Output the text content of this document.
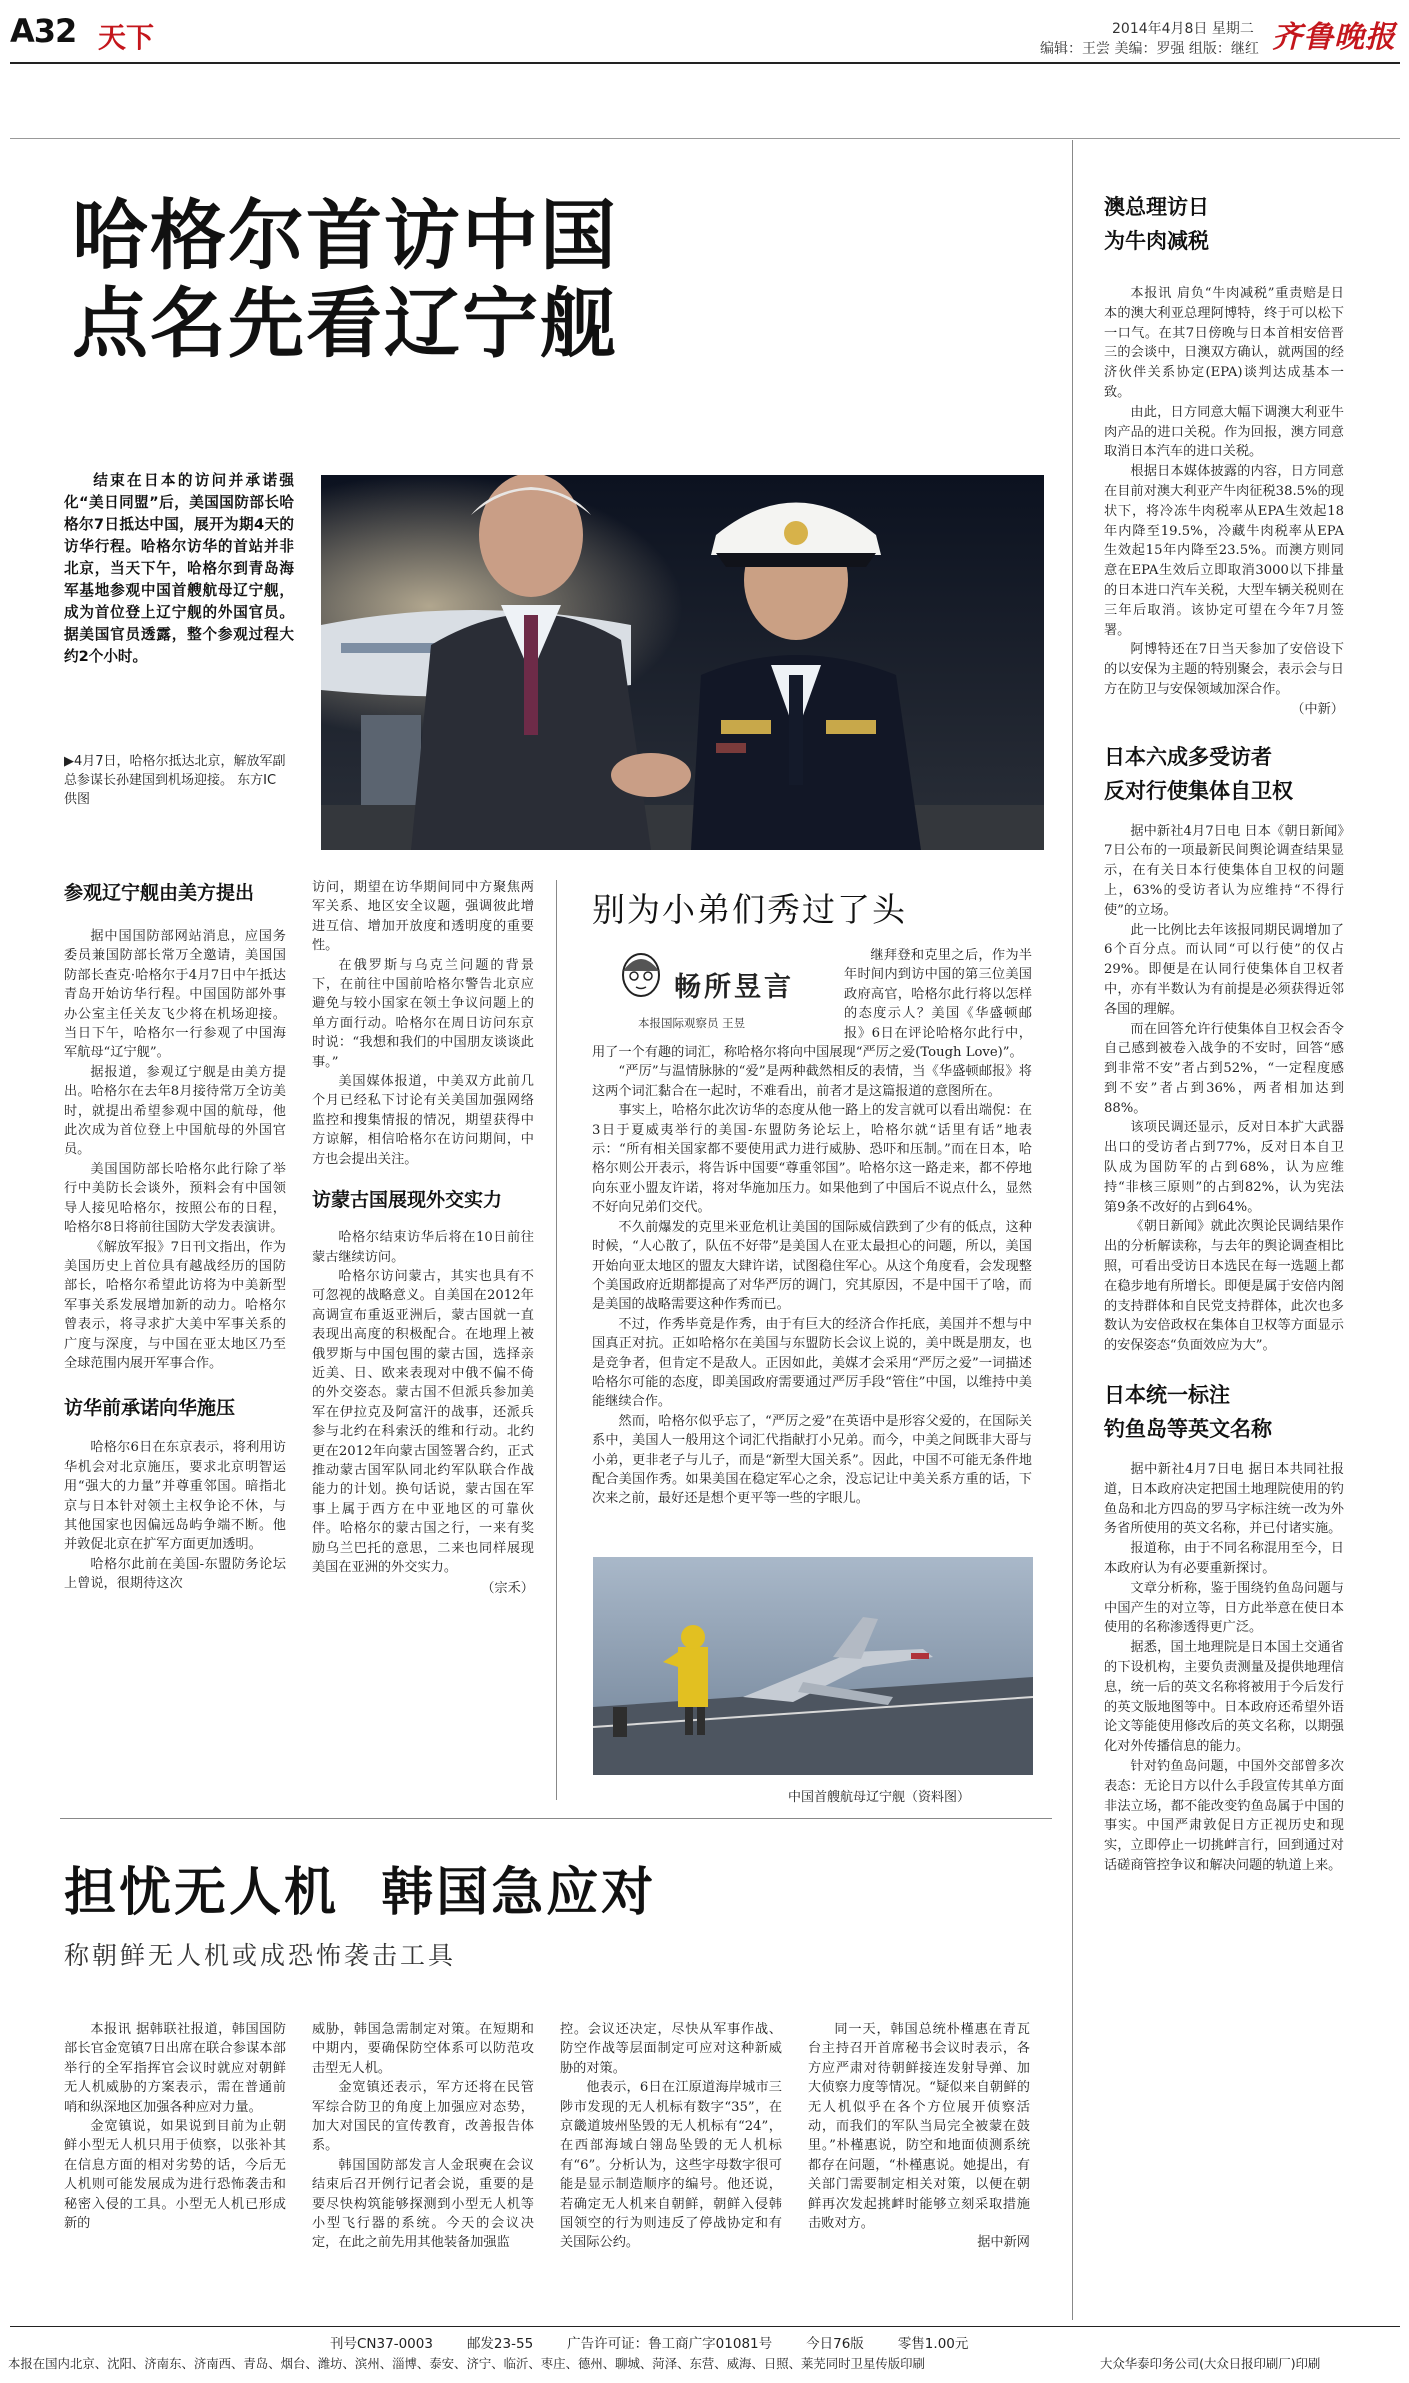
A32 天下	2014年4月8日 星期二
编辑：王尝 美编：罗强 组版：继红 齐鲁晚报
哈格尔首访中国
点名先看辽宁舰
结束在日本的访问并承诺强化“美日同盟”后，美国国防部长哈格尔7日抵达中国，展开为期4天的访华行程。哈格尔访华的首站并非北京，当天下午，哈格尔到青岛海军基地参观中国首艘航母辽宁舰，成为首位登上辽宁舰的外国官员。据美国官员透露，整个参观过程大约2个小时。
▶4月7日，哈格尔抵达北京，解放军副总参谋长孙建国到机场迎接。 东方IC供图
参观辽宁舰由美方提出

据中国国防部网站消息，应国务委员兼国防部长常万全邀请，美国国防部长查克·哈格尔于4月7日中午抵达青岛开始访华行程。中国国防部外事办公室主任关友飞少将在机场迎接。当日下午，哈格尔一行参观了中国海军航母“辽宁舰”。

据报道，参观辽宁舰是由美方提出。哈格尔在去年8月接待常万全访美时，就提出希望参观中国的航母，他此次成为首位登上中国航母的外国官员。

美国国防部长哈格尔此行除了举行中美防长会谈外，预料会有中国领导人接见哈格尔，按照公布的日程，哈格尔8日将前往国防大学发表演讲。

《解放军报》7日刊文指出，作为美国历史上首位具有越战经历的国防部长，哈格尔希望此访将为中美新型军事关系发展增加新的动力。哈格尔曾表示，将寻求扩大美中军事关系的广度与深度，与中国在亚太地区乃至全球范围内展开军事合作。

访华前承诺向华施压

哈格尔6日在东京表示，将利用访华机会对北京施压，要求北京明智运用“强大的力量”并尊重邻国。暗指北京与日本针对领土主权争论不休，与其他国家也因偏远岛屿争端不断。他并敦促北京在扩军方面更加透明。

哈格尔此前在美国-东盟防务论坛上曾说，很期待这次

访问，期望在访华期间同中方聚焦两军关系、地区安全议题，强调彼此增进互信、增加开放度和透明度的重要性。

在俄罗斯与乌克兰问题的背景下，在前往中国前哈格尔警告北京应避免与较小国家在领土争议问题上的单方面行动。哈格尔在周日访问东京时说：“我想和我们的中国朋友谈谈此事。”

美国媒体报道，中美双方此前几个月已经私下讨论有关美国加强网络监控和搜集情报的情况，期望获得中方谅解，相信哈格尔在访问期间，中方也会提出关注。

访蒙古国展现外交实力

哈格尔结束访华后将在10日前往蒙古继续访问。

哈格尔访问蒙古，其实也具有不可忽视的战略意义。自美国在2012年高调宣布重返亚洲后，蒙古国就一直表现出高度的积极配合。在地理上被俄罗斯与中国包围的蒙古国，选择亲近美、日、欧来表现对中俄不偏不倚的外交姿态。蒙古国不但派兵参加美军在伊拉克及阿富汗的战事，还派兵参与北约在科索沃的维和行动。北约更在2012年向蒙古国签署合约，正式推动蒙古国军队同北约军队联合作战能力的计划。换句话说，蒙古国在军事上属于西方在中亚地区的可靠伙伴。哈格尔的蒙古国之行，一来有奖励乌兰巴托的意思，二来也同样展现美国在亚洲的外交实力。

（宗禾）
别为小弟们秀过了头
畅所昱言
本报国际观察员 王昱

继拜登和克里之后，作为半年时间内到访中国的第三位美国政府高官，哈格尔此行将以怎样的态度示人？美国《华盛顿邮报》6日在评论哈格尔此行中，用了一个有趣的词汇，称哈格尔将向中国展现“严厉之爱(Tough Love)”。

“严厉”与温情脉脉的“爱”是两种截然相反的表情，当《华盛顿邮报》将这两个词汇黏合在一起时，不难看出，前者才是这篇报道的意图所在。

事实上，哈格尔此次访华的态度从他一路上的发言就可以看出端倪：在3日于夏威夷举行的美国-东盟防务论坛上，哈格尔就“话里有话”地表示：“所有相关国家都不要使用武力进行威胁、恐吓和压制。”而在日本，哈格尔则公开表示，将告诉中国要“尊重邻国”。哈格尔这一路走来，都不停地向东亚小盟友许诺，将对华施加压力。如果他到了中国后不说点什么，显然不好向兄弟们交代。

不久前爆发的克里米亚危机让美国的国际威信跌到了少有的低点，这种时候，“人心散了，队伍不好带”是美国人在亚太最担心的问题，所以，美国开始向亚太地区的盟友大肆许诺，试图稳住军心。从这个角度看，会发现整个美国政府近期都提高了对华严厉的调门，究其原因，不是中国干了啥，而是美国的战略需要这种作秀而已。

不过，作秀毕竟是作秀，由于有巨大的经济合作托底，美国并不想与中国真正对抗。正如哈格尔在美国与东盟防长会议上说的，美中既是朋友，也是竞争者，但肯定不是敌人。正因如此，美媒才会采用“严厉之爱”一词描述哈格尔可能的态度，即美国政府需要通过严厉手段“管住”中国，以维持中美能继续合作。

然而，哈格尔似乎忘了，“严厉之爱”在英语中是形容父爱的，在国际关系中，美国人一般用这个词汇代指献打小兄弟。而今，中美之间既非大哥与小弟，更非老子与儿子，而是“新型大国关系”。因此，中国不可能无条件地配合美国作秀。如果美国在稳定军心之余，没忘记让中美关系方重的话，下次来之前，最好还是想个更平等一些的字眼儿。

中国首艘航母辽宁舰（资料图）
担忧无人机  韩国急应对
称朝鲜无人机或成恐怖袭击工具

本报讯 据韩联社报道，韩国国防部长官金宽镇7日出席在联合参谋本部举行的全军指挥官会议时就应对朝鲜无人机威胁的方案表示，需在普通前哨和纵深地区加强各种应对力量。

金宽镇说，如果说到目前为止朝鲜小型无人机只用于侦察，以张补其在信息方面的相对劣势的话，今后无人机则可能发展成为进行恐怖袭击和秘密入侵的工具。小型无人机已形成新的

威胁，韩国急需制定对策。在短期和中期内，要确保防空体系可以防范攻击型无人机。

金宽镇还表示，军方还将在民管军综合防卫的角度上加强应对态势，加大对国民的宣传教育，改善报告体系。

韩国国防部发言人金珉奭在会议结束后召开例行记者会说，重要的是要尽快构筑能够探测到小型无人机等小型飞行器的系统。今天的会议决定，在此之前先用其他装备加强监

控。会议还决定，尽快从军事作战、防空作战等层面制定可应对这种新威胁的对策。

他表示，6日在江原道海岸城市三陟市发现的无人机标有数字“35”，在京畿道坡州坠毁的无人机标有“24”，在西部海域白翎岛坠毁的无人机标有“6”。分析认为，这些字母数字很可能是显示制造顺序的编号。他还说，若确定无人机来自朝鲜，朝鲜入侵韩国领空的行为则违反了停战协定和有关国际公约。

同一天，韩国总统朴槿惠在青瓦台主持召开首席秘书会议时表示，各方应严肃对待朝鲜接连发射导弹、加大侦察力度等情况。“疑似来自朝鲜的无人机似乎在各个方位展开侦察活动，而我们的军队当局完全被蒙在鼓里。”朴槿惠说，防空和地面侦测系统都存在问题，“朴槿惠说。她提出，有关部门需要制定相关对策，以便在朝鲜再次发起挑衅时能够立刻采取措施击败对方。

据中新网
澳总理访日
为牛肉减税

本报讯 肩负“牛肉减税”重责赔是日本的澳大利亚总理阿博特，终于可以松下一口气。在其7日傍晚与日本首相安倍晋三的会谈中，日澳双方确认，就两国的经济伙伴关系协定(EPA)谈判达成基本一致。

由此，日方同意大幅下调澳大利亚牛肉产品的进口关税。作为回报，澳方同意取消日本汽车的进口关税。

根据日本媒体披露的内容，日方同意在目前对澳大利亚产牛肉征税38.5%的现状下，将冷冻牛肉税率从EPA生效起18年内降至19.5%，冷藏牛肉税率从EPA生效起15年内降至23.5%。而澳方则同意在EPA生效后立即取消3000以下排量的日本进口汽车关税，大型车辆关税则在三年后取消。该协定可望在今年7月签署。

阿博特还在7日当天参加了安倍设下的以安保为主题的特别聚会，表示会与日方在防卫与安保领域加深合作。

（中新）
日本六成多受访者
反对行使集体自卫权

据中新社4月7日电 日本《朝日新闻》7日公布的一项最新民间舆论调查结果显示，在有关日本行使集体自卫权的问题上，63%的受访者认为应维持“不得行使”的立场。

此一比例比去年该报同期民调增加了6个百分点。而认同“可以行使”的仅占29%。即便是在认同行使集体自卫权者中，亦有半数认为有前提是必须获得近邻各国的理解。

而在回答允许行使集体自卫权会否令自己感到被卷入战争的不安时，回答“感到非常不安”者占到52%，“一定程度感到不安”者占到36%，两者相加达到88%。

该项民调还显示，反对日本扩大武器出口的受访者占到77%，反对日本自卫队成为国防军的占到68%，认为应维持“非核三原则”的占到82%，认为宪法第9条不改好的占到64%。

《朝日新闻》就此次舆论民调结果作出的分析解读称，与去年的舆论调查相比照，可看出受访日本选民在每一选题上都在稳步地有所增长。即便是属于安倍内阁的支持群体和自民党支持群体，此次也多数认为安倍政权在集体自卫权等方面显示的安保姿态“负面效应为大”。

日本统一标注
钓鱼岛等英文名称

据中新社4月7日电 据日本共同社报道，日本政府决定把国土地理院使用的钓鱼岛和北方四岛的罗马字标注统一改为外务省所使用的英文名称，并已付诸实施。

报道称，由于不同名称混用至今，日本政府认为有必要重新探讨。

文章分析称，鉴于围绕钓鱼岛问题与中国产生的对立等，日方此举意在使日本使用的名称渗透得更广泛。

据悉，国土地理院是日本国土交通省的下设机构，主要负责测量及提供地理信息，统一后的英文名称将被用于今后发行的英文版地图等中。日本政府还希望外语论文等能使用修改后的英文名称，以期强化对外传播信息的能力。

针对钓鱼岛问题，中国外交部曾多次表态：无论日方以什么手段宣传其单方面非法立场，都不能改变钓鱼岛属于中国的事实。中国严肃敦促日方正视历史和现实，立即停止一切挑衅言行，回到通过对话磋商管控争议和解决问题的轨道上来。

刊号CN37-0003	邮发23-55	广告许可证：鲁工商广字01081号	今日76版	零售1.00元
本报在国内北京、沈阳、济南东、济南西、青岛、烟台、潍坊、滨州、淄博、泰安、济宁、临沂、枣庄、德州、聊城、菏泽、东营、威海、日照、莱芜同时卫星传版印刷	大众华泰印务公司(大众日报印刷厂)印刷
